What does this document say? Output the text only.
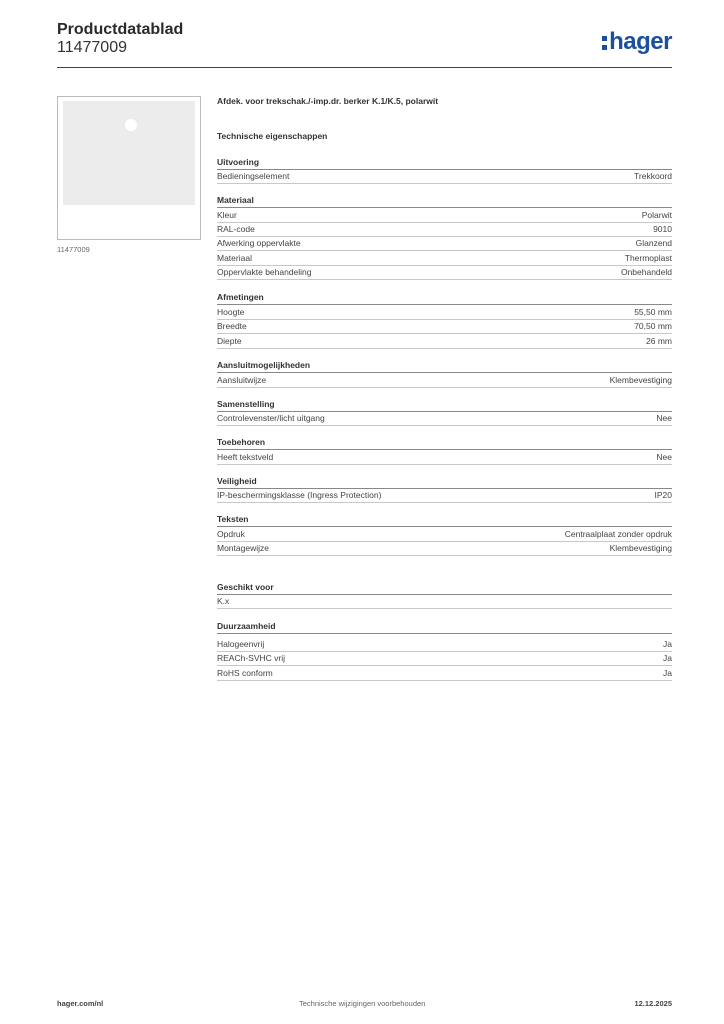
Productdatablad
11477009	hager
11477009
Afdek. voor trekschak./-imp.dr. berker K.1/K.5, polarwit
Technische eigenschappen
Uitvoering
Bedieningselement	Trekkoord
Materiaal
Kleur	Polarwit
RAL-code	9010
Afwerking oppervlakte	Glanzend
Materiaal	Thermoplast
Oppervlakte behandeling	Onbehandeld
Afmetingen
Hoogte	55,50 mm
Breedte	70,50 mm
Diepte	26 mm
Aansluitmogelijkheden
Aansluitwijze	Klembevestiging
Samenstelling
Controlevenster/licht uitgang	Nee
Toebehoren
Heeft tekstveld	Nee
Veiligheid
IP-beschermingsklasse (Ingress Protection)	IP20
Teksten
Opdruk	Centraalplaat zonder opdruk
Montagewijze	Klembevestiging
Geschikt voor
K.x
Duurzaamheid
Halogeenvrij	Ja
REACh-SVHC vrij	Ja
RoHS conform	Ja
hager.com/nl	Technische wijzigingen voorbehouden	12.12.2025
